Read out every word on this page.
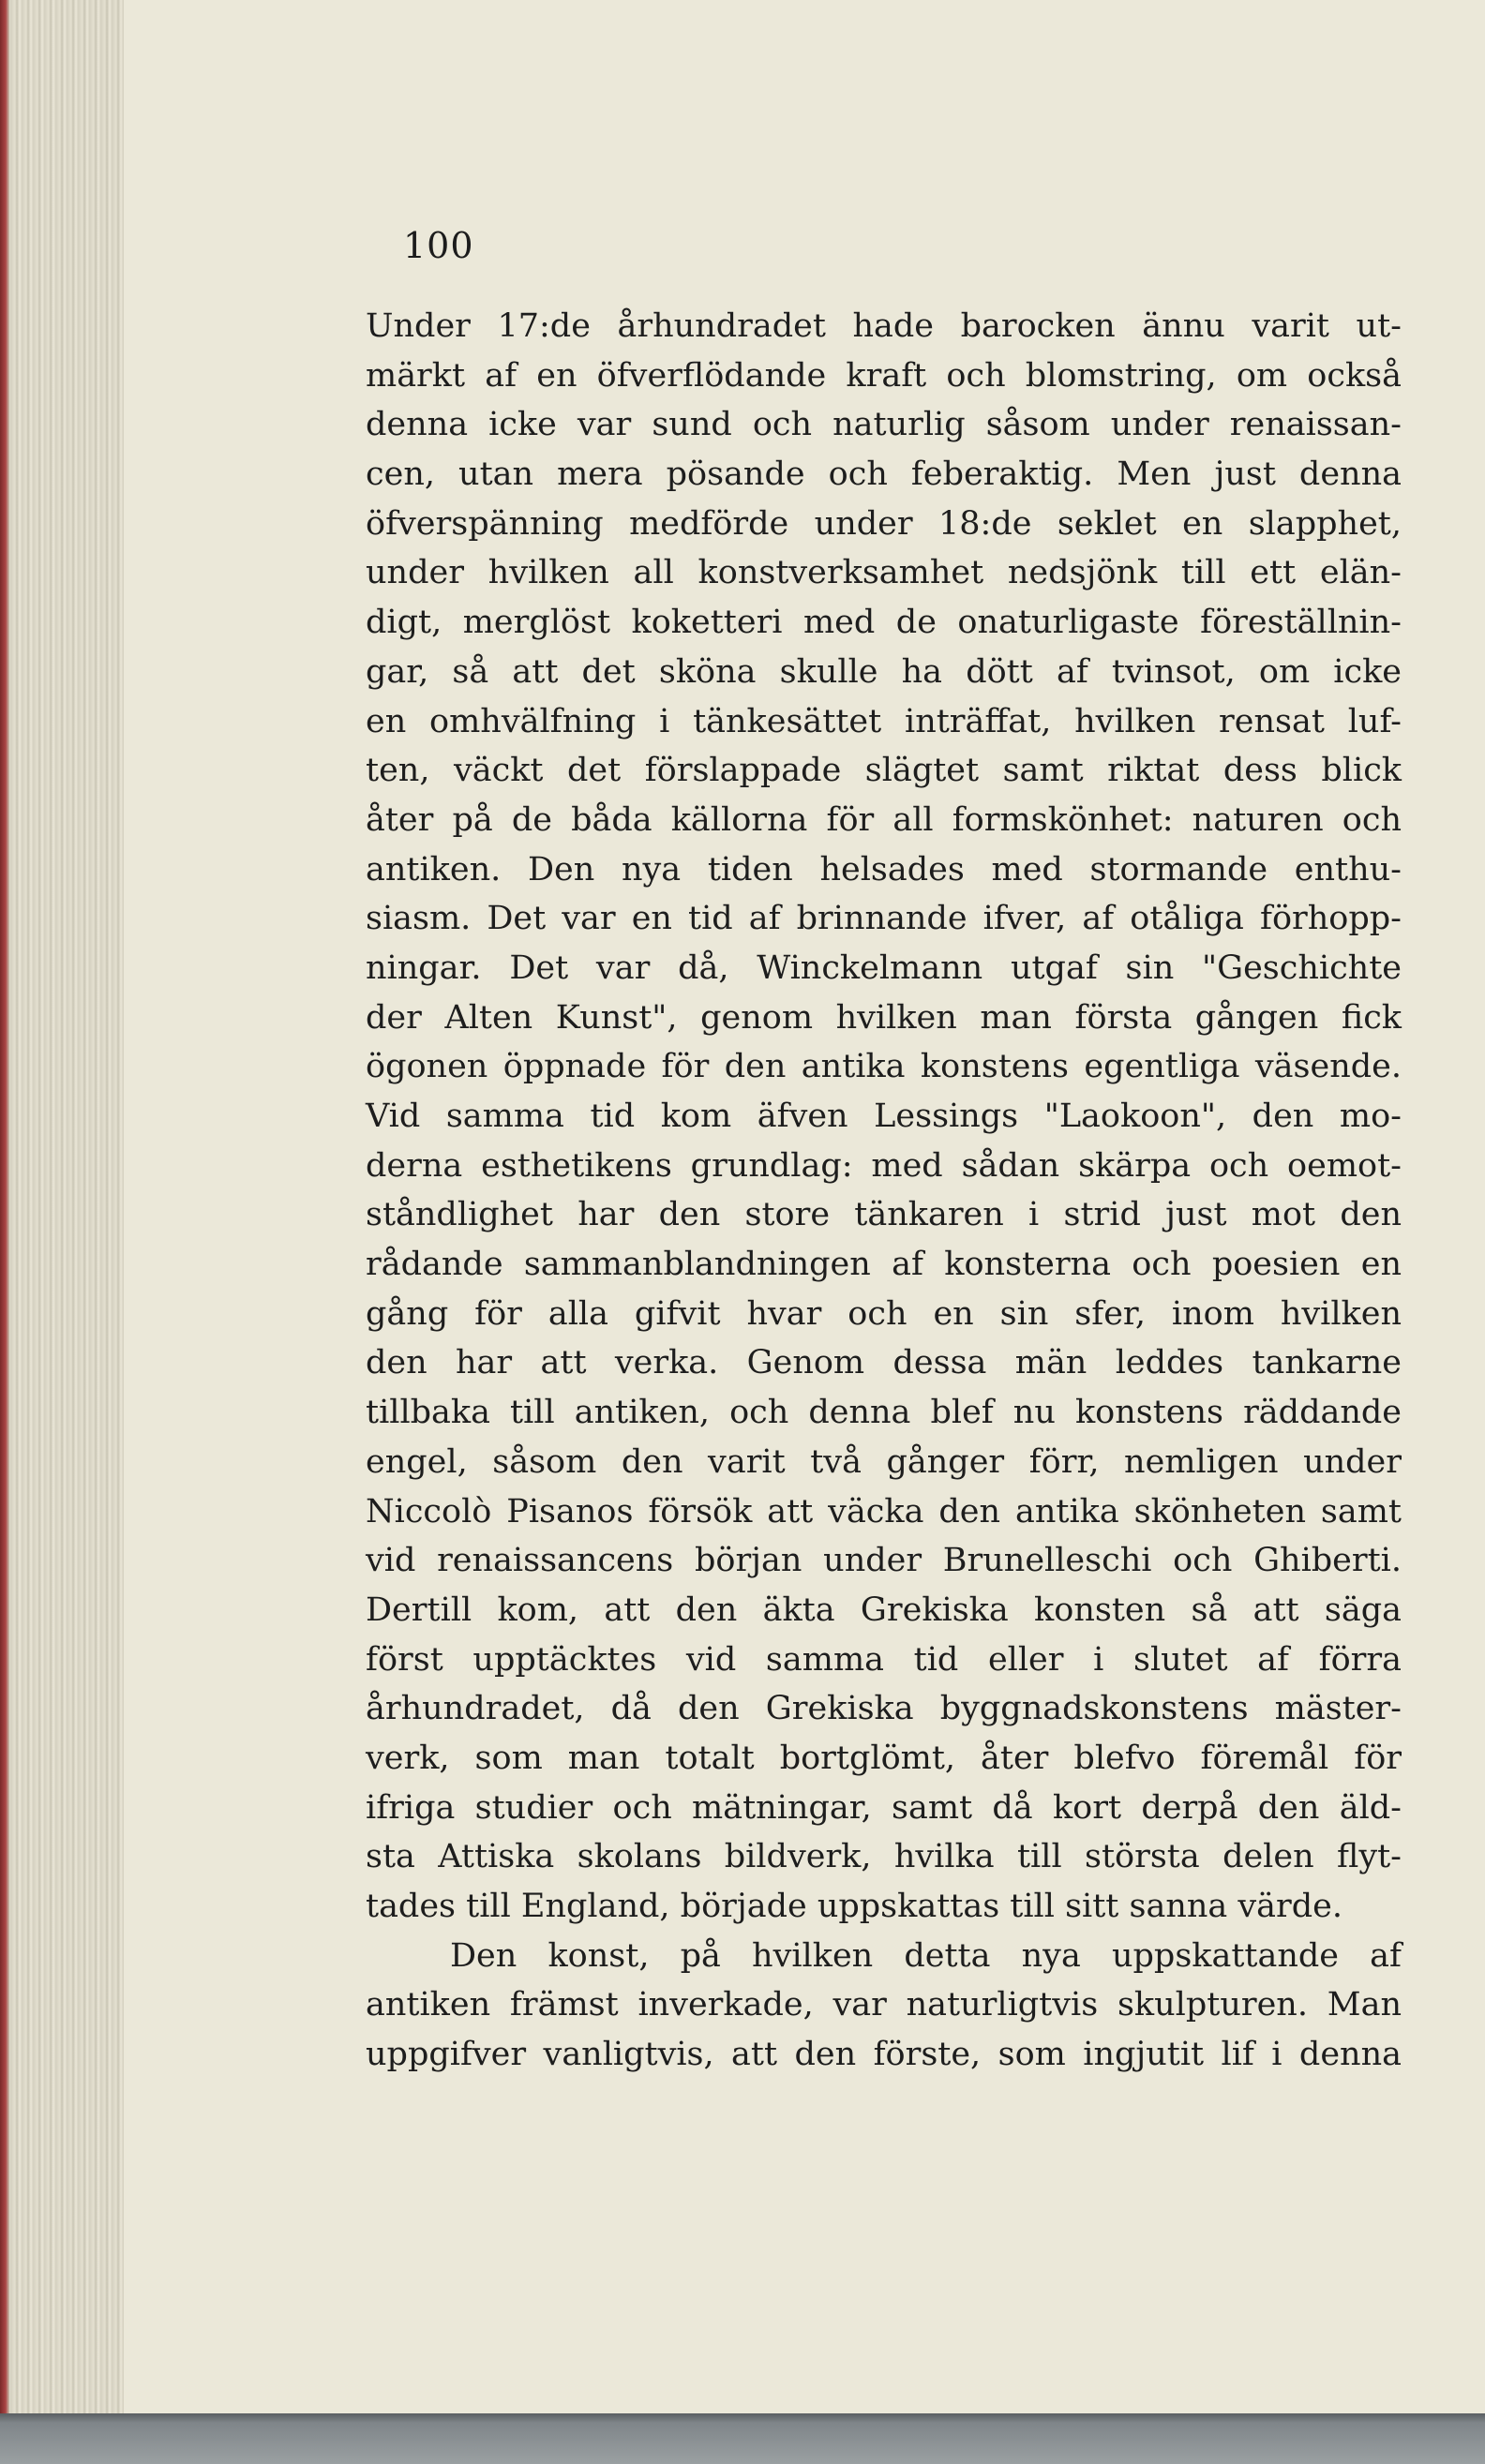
100
Under 17:de århundradet hade barocken ännu varit ut-
märkt af en öfverflödande kraft och blomstring, om också
denna icke var sund och naturlig såsom under renaissan-
cen, utan mera pösande och feberaktig. Men just denna
öfverspänning medförde under 18:de seklet en slapphet,
under hvilken all konstverksamhet nedsjönk till ett elän-
digt, merglöst koketteri med de onaturligaste föreställnin-
gar, så att det sköna skulle ha dött af tvinsot, om icke
en omhvälfning i tänkesättet inträffat, hvilken rensat luf-
ten, väckt det förslappade slägtet samt riktat dess blick
åter på de båda källorna för all formskönhet: naturen och
antiken. Den nya tiden helsades med stormande enthu-
siasm. Det var en tid af brinnande ifver, af otåliga förhopp-
ningar. Det var då, Winckelmann utgaf sin "Geschichte
der Alten Kunst", genom hvilken man första gången fick
ögonen öppnade för den antika konstens egentliga väsende.
Vid samma tid kom äfven Lessings "Laokoon", den mo-
derna esthetikens grundlag: med sådan skärpa och oemot-
ståndlighet har den store tänkaren i strid just mot den
rådande sammanblandningen af konsterna och poesien en
gång för alla gifvit hvar och en sin sfer, inom hvilken
den har att verka. Genom dessa män leddes tankarne
tillbaka till antiken, och denna blef nu konstens räddande
engel, såsom den varit två gånger förr, nemligen under
Niccolò Pisanos försök att väcka den antika skönheten samt
vid renaissancens början under Brunelleschi och Ghiberti.
Dertill kom, att den äkta Grekiska konsten så att säga
först upptäcktes vid samma tid eller i slutet af förra
århundradet, då den Grekiska byggnadskonstens mäster-
verk, som man totalt bortglömt, åter blefvo föremål för
ifriga studier och mätningar, samt då kort derpå den äld-
sta Attiska skolans bildverk, hvilka till största delen flyt-
tades till England, började uppskattas till sitt sanna värde.
Den konst, på hvilken detta nya uppskattande af
antiken främst inverkade, var naturligtvis skulpturen. Man
uppgifver vanligtvis, att den förste, som ingjutit lif i denna
